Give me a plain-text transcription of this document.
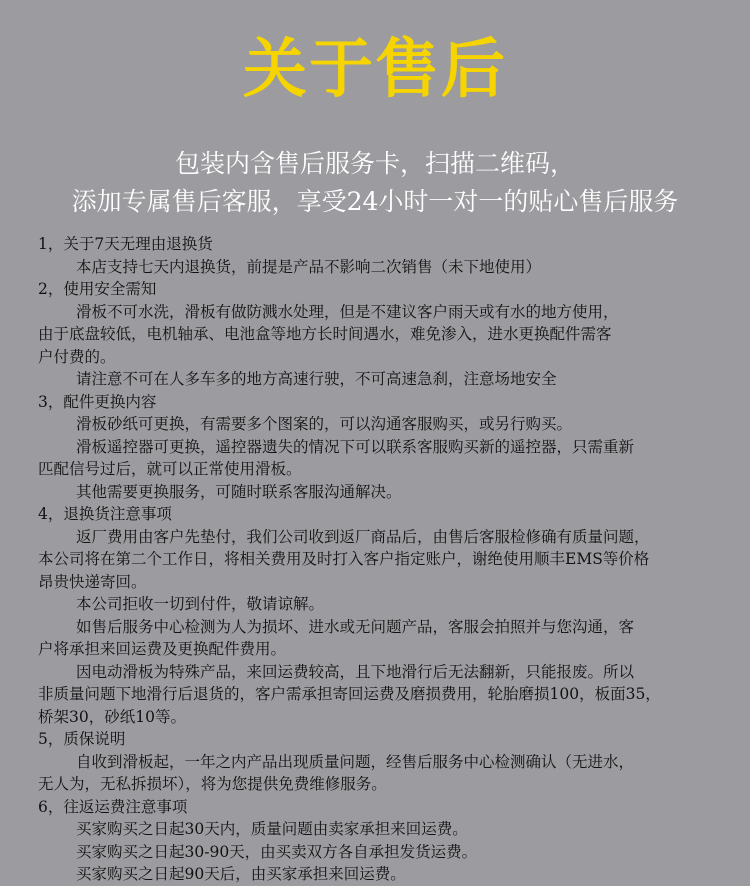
关于售后
包装内含售后服务卡，扫描二维码，
添加专属售后客服，享受24小时一对一的贴心售后服务
1，关于7天无理由退换货
本店支持七天内退换货，前提是产品不影响二次销售（未下地使用）
2，使用安全需知
滑板不可水洗，滑板有做防溅水处理，但是不建议客户雨天或有水的地方使用，
由于底盘较低，电机轴承、电池盒等地方长时间遇水，难免渗入，进水更换配件需客
户付费的。
请注意不可在人多车多的地方高速行驶，不可高速急刹，注意场地安全
3，配件更换内容
滑板砂纸可更换，有需要多个图案的，可以沟通客服购买，或另行购买。
滑板遥控器可更换，遥控器遗失的情况下可以联系客服购买新的遥控器，只需重新
匹配信号过后，就可以正常使用滑板。
其他需要更换服务，可随时联系客服沟通解决。
4，退换货注意事项
返厂费用由客户先垫付，我们公司收到返厂商品后，由售后客服检修确有质量问题，
本公司将在第二个工作日，将相关费用及时打入客户指定账户，谢绝使用顺丰EMS等价格
昂贵快递寄回。
本公司拒收一切到付件，敬请谅解。
如售后服务中心检测为人为损坏、进水或无问题产品，客服会拍照并与您沟通，客
户将承担来回运费及更换配件费用。
因电动滑板为特殊产品，来回运费较高，且下地滑行后无法翻新，只能报废。所以
非质量问题下地滑行后退货的，客户需承担寄回运费及磨损费用，轮胎磨损100，板面35，
桥架30，砂纸10等。
5，质保说明
自收到滑板起，一年之内产品出现质量问题，经售后服务中心检测确认（无进水，
无人为，无私拆损坏），将为您提供免费维修服务。
6，往返运费注意事项
买家购买之日起30天内，质量问题由卖家承担来回运费。
买家购买之日起30-90天，由买卖双方各自承担发货运费。
买家购买之日起90天后，由买家承担来回运费。
